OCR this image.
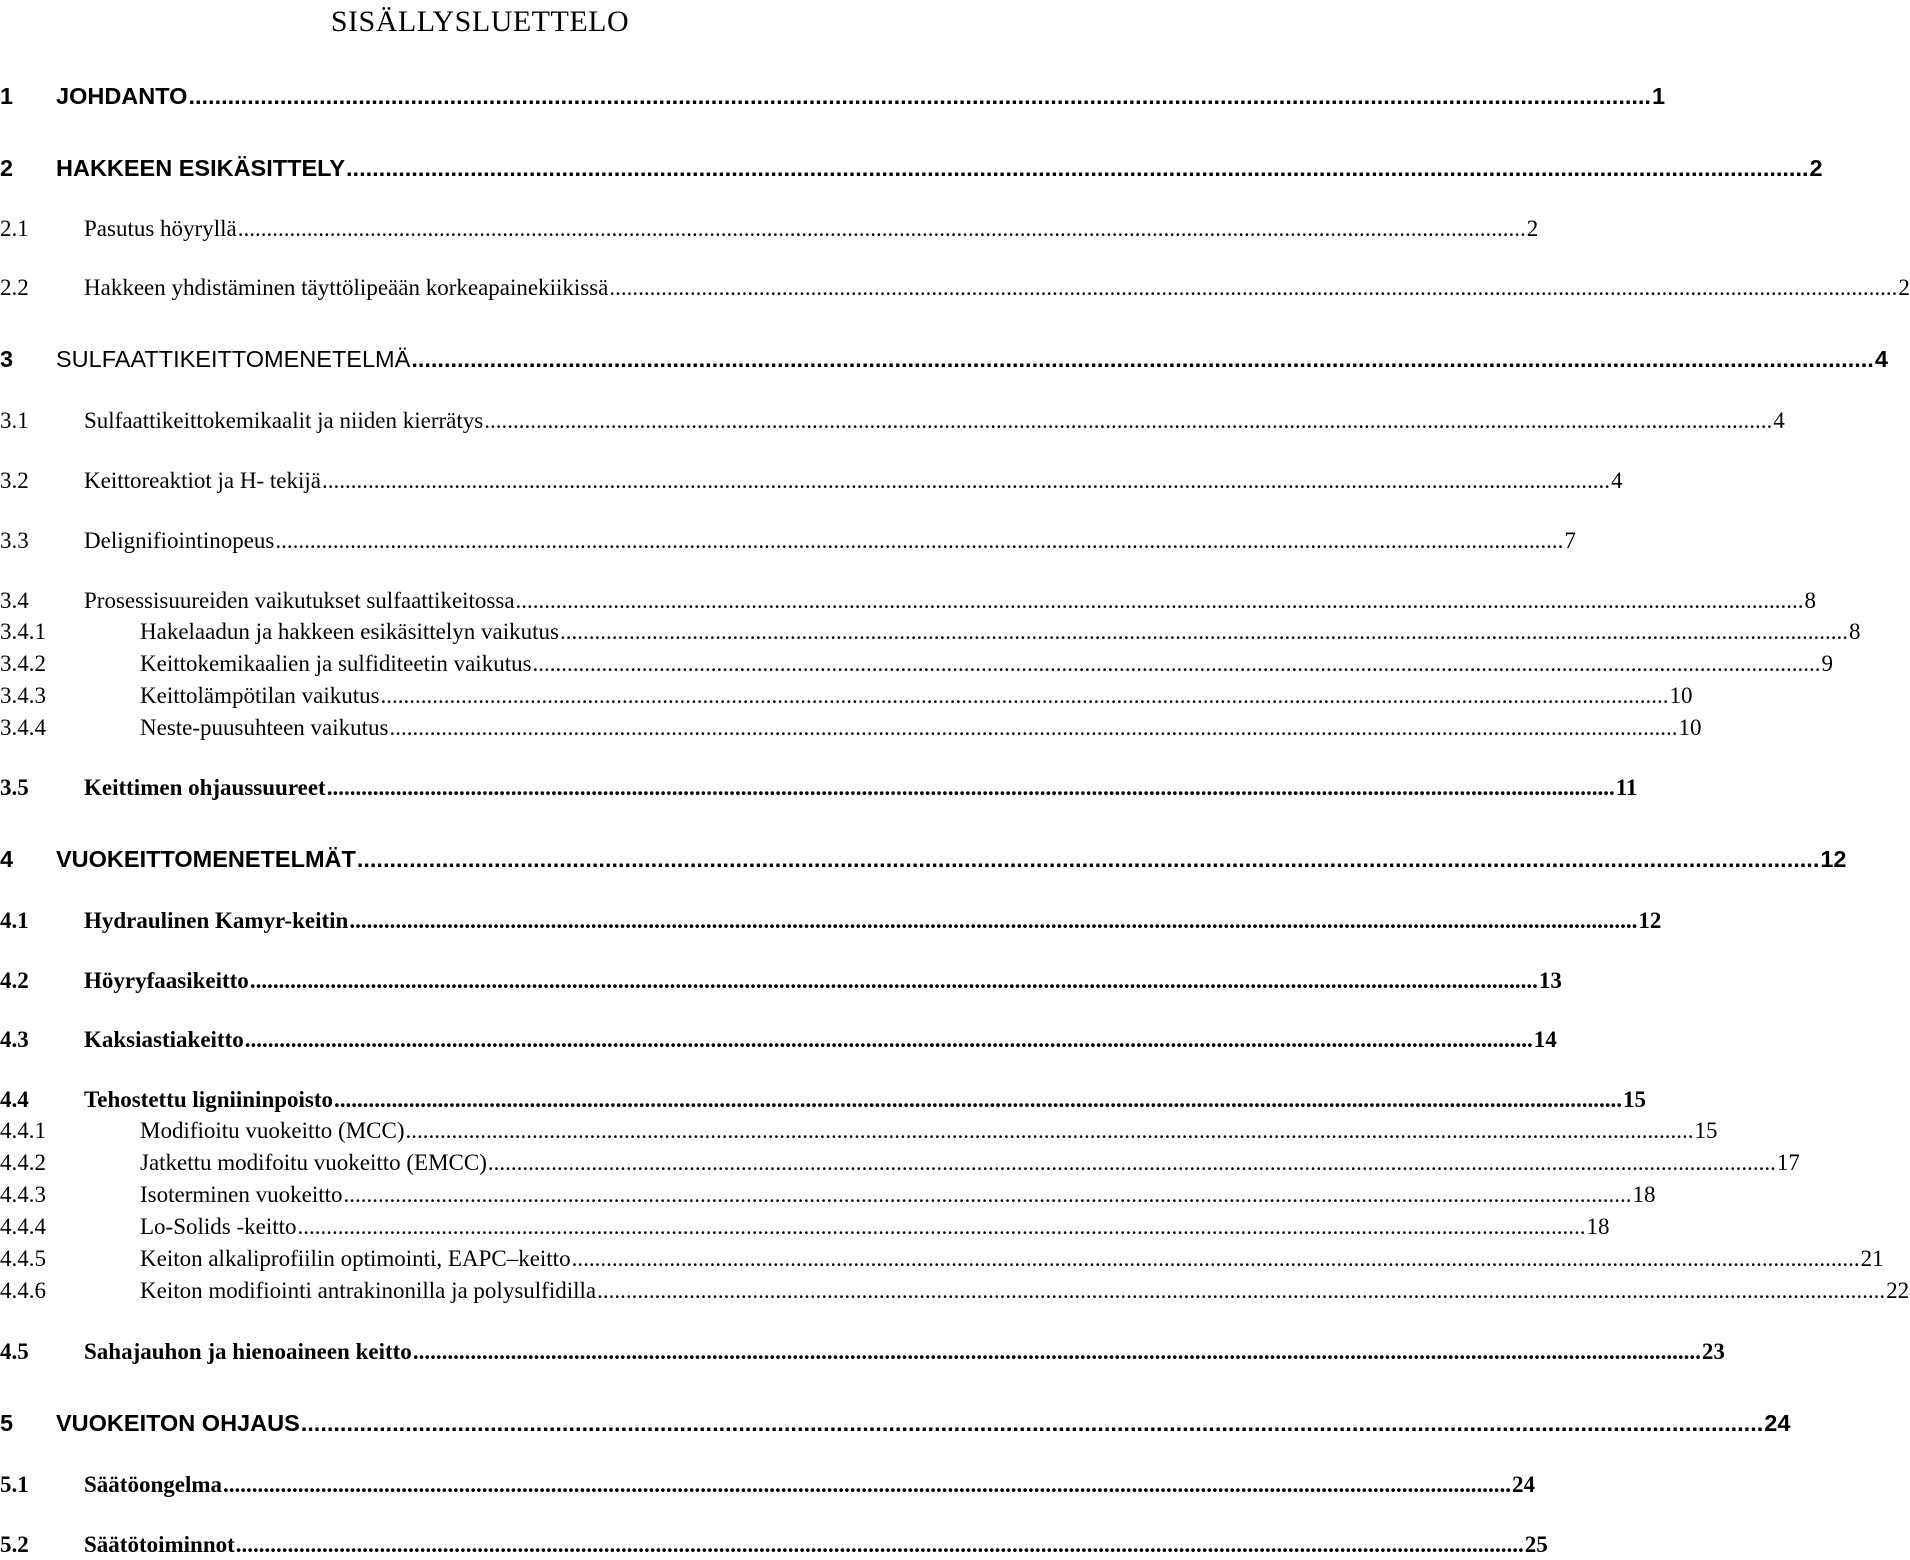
SISÄLLYSLUETTELO
1	JOHDANTO .....	1
2	HAKKEEN ESIKÄSITTELY .....	2
2.1	Pasutus höyryllä .....	2
2.2	Hakkeen yhdistäminen täyttölipeään korkeapainekiikissä .....	2
3	SULFAATTIKEITTOMENETELMÄ .....	4
3.1	Sulfaattikeittokemikaalit ja niiden kierrätys .....	4
3.2	Keittoreaktiot ja H- tekijä .....	4
3.3	Delignifiointinopeus .....	7
3.4	Prosessisuureiden vaikutukset sulfaattikeitossa .....	8
3.4.1	Hakelaadun ja hakkeen esikäsittelyn vaikutus .....	8
3.4.2	Keittokemikaalien ja sulfiditeetin vaikutus .....	9
3.4.3	Keittolämpötilan vaikutus .....	10
3.4.4	Neste-puusuhteen vaikutus .....	10
3.5	Keittimen ohjaussuureet .....	11
4	VUOKEITTOMENETELMÄT .....	12
4.1	Hydraulinen Kamyr-keitin .....	12
4.2	Höyryfaasikeitto .....	13
4.3	Kaksiastiakeitto .....	14
4.4	Tehostettu ligniininpoisto .....	15
4.4.1	Modifioitu vuokeitto (MCC) .....	15
4.4.2	Jatkettu modifoitu vuokeitto (EMCC) .....	17
4.4.3	Isoterminen vuokeitto .....	18
4.4.4	Lo-Solids -keitto .....	18
4.4.5	Keiton alkaliprofiilin optimointi, EAPC–keitto .....	21
4.4.6	Keiton modifiointi antrakinonilla ja polysulfidilla .....	22
4.5	Sahajauhon ja hienoaineen keitto .....	23
5	VUOKEITON OHJAUS .....	24
5.1	Säätöongelma .....	24
5.2	Säätötoiminnot .....	25
